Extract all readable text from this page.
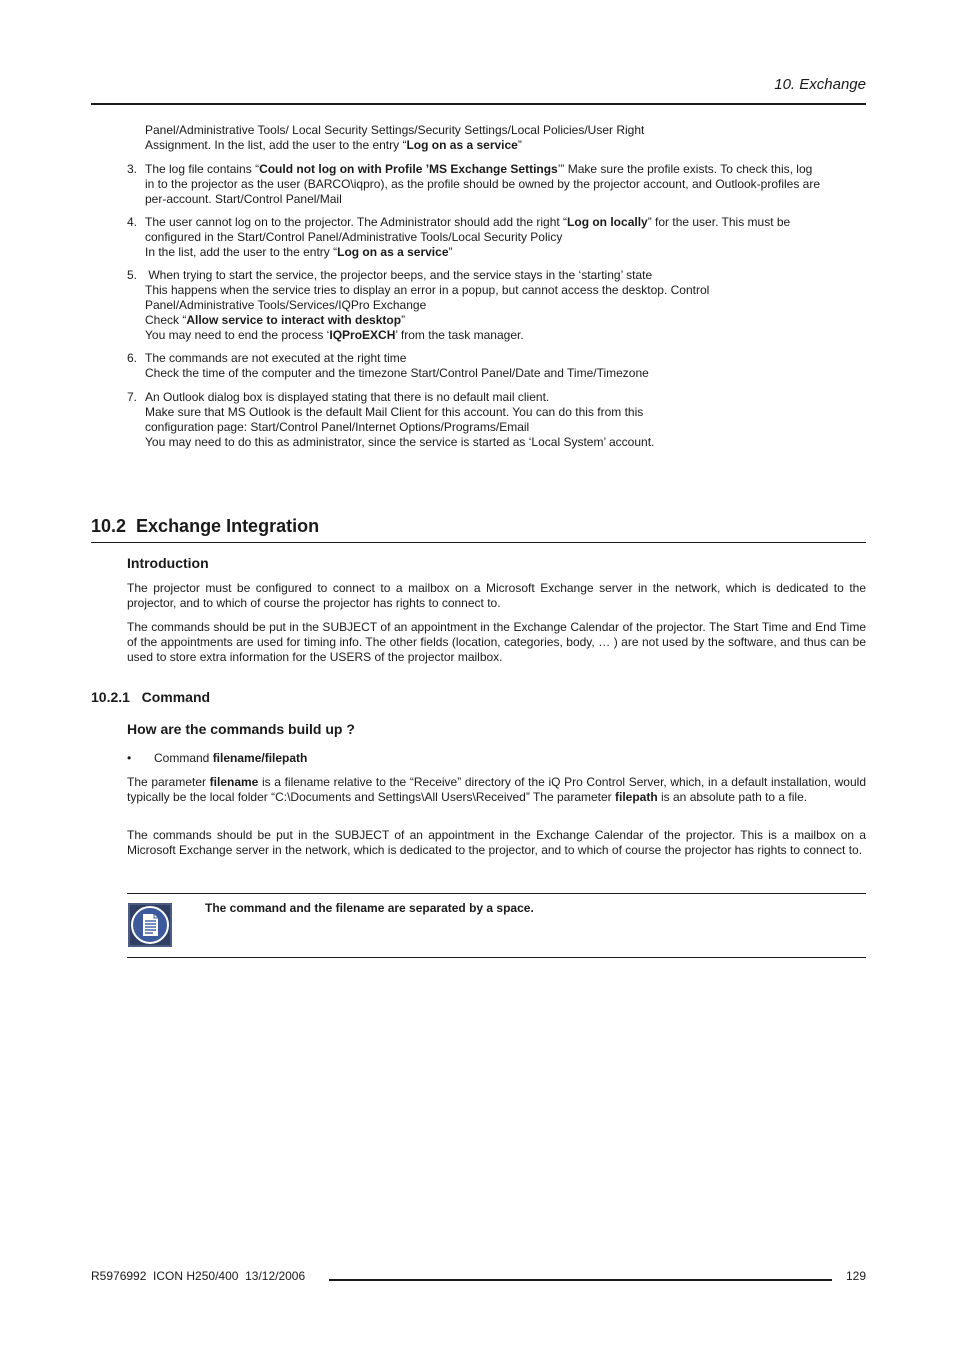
10. Exchange
Panel/Administrative Tools/ Local Security Settings/Security Settings/Local Policies/User Right
Assignment. In the list, add the user to the entry “Log on as a service”
3. The log file contains “Could not log on with Profile ’MS Exchange Settings’” Make sure the profile exists. To check this, log
in to the projector as the user (BARCO\iqpro), as the profile should be owned by the projector account, and Outlook-profiles are
per-account. Start/Control Panel/Mail
4. The user cannot log on to the projector. The Administrator should add the right “Log on locally” for the user. This must be
configured in the Start/Control Panel/Administrative Tools/Local Security Policy
In the list, add the user to the entry “Log on as a service”
5. When trying to start the service, the projector beeps, and the service stays in the ‘starting’ state
This happens when the service tries to display an error in a popup, but cannot access the desktop. Control
Panel/Administrative Tools/Services/IQPro Exchange
Check “Allow service to interact with desktop”
You may need to end the process ‘IQProEXCH’ from the task manager.
6. The commands are not executed at the right time
Check the time of the computer and the timezone Start/Control Panel/Date and Time/Timezone
7. An Outlook dialog box is displayed stating that there is no default mail client.
Make sure that MS Outlook is the default Mail Client for this account. You can do this from this
configuration page: Start/Control Panel/Internet Options/Programs/Email
You may need to do this as administrator, since the service is started as ‘Local System’ account.
10.2  Exchange Integration
Introduction
The projector must be configured to connect to a mailbox on a Microsoft Exchange server in the network, which is dedicated to the projector, and to which of course the projector has rights to connect to.
The commands should be put in the SUBJECT of an appointment in the Exchange Calendar of the projector. The Start Time and End Time of the appointments are used for timing info. The other fields (location, categories, body, … ) are not used by the software, and thus can be used to store extra information for the USERS of the projector mailbox.
10.2.1   Command
How are the commands build up ?
• Command filename/filepath
The parameter filename is a filename relative to the “Receive” directory of the iQ Pro Control Server, which, in a default installation, would typically be the local folder “C:\Documents and Settings\All Users\Received” The parameter filepath is an absolute path to a file.
The commands should be put in the SUBJECT of an appointment in the Exchange Calendar of the projector. This is a mailbox on a Microsoft Exchange server in the network, which is dedicated to the projector, and to which of course the projector has rights to connect to.
The command and the filename are separated by a space.
R5976992  ICON H250/400  13/12/2006	129
